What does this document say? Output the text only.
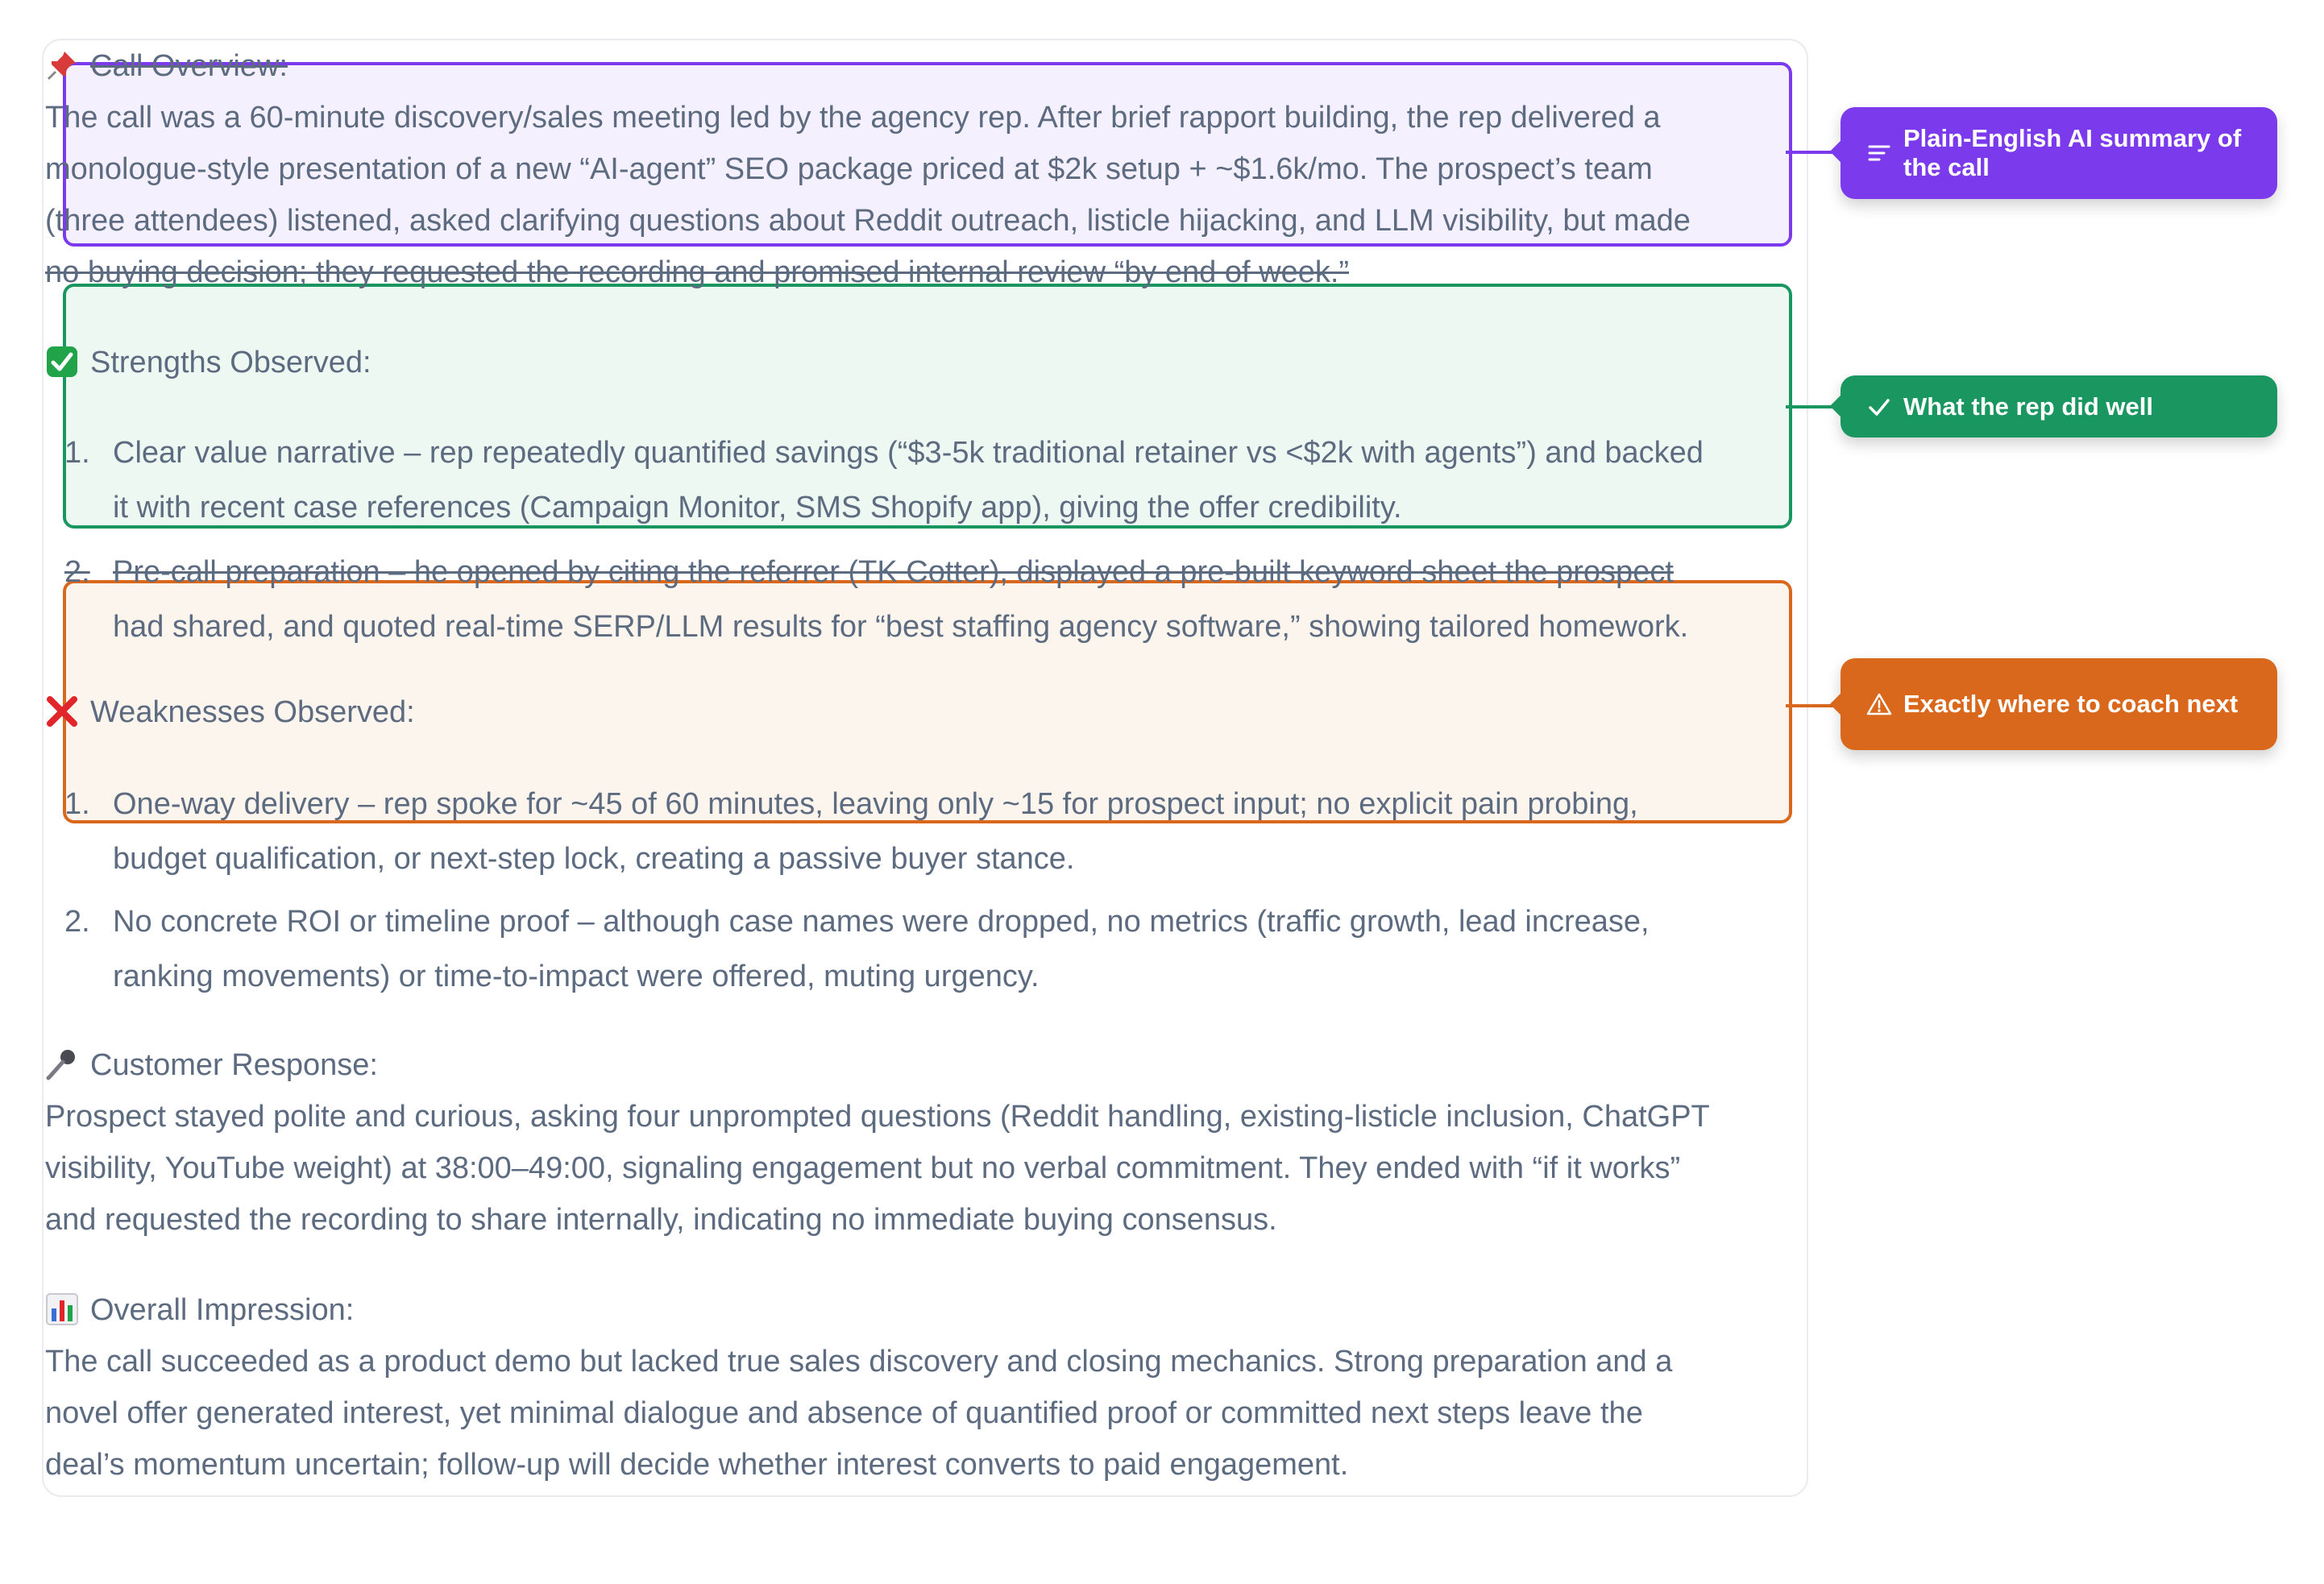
Call Overview:
The call was a 60-minute discovery/sales meeting led by the agency rep. After brief rapport building, the rep delivered a
monologue-style presentation of a new “AI-agent” SEO package priced at $2k setup + ~$1.6k/mo. The prospect’s team
(three attendees) listened, asked clarifying questions about Reddit outreach, listicle hijacking, and LLM visibility, but made
no buying decision; they requested the recording and promised internal review “by end of week.”
Strengths Observed:
1. Clear value narrative – rep repeatedly quantified savings (“$3-5k traditional retainer vs <$2k with agents”) and backed
it with recent case references (Campaign Monitor, SMS Shopify app), giving the offer credibility.
2. Pre-call preparation – he opened by citing the referrer (TK Cotter), displayed a pre-built keyword sheet the prospect
had shared, and quoted real-time SERP/LLM results for “best staffing agency software,” showing tailored homework.
Weaknesses Observed:
1. One-way delivery – rep spoke for ~45 of 60 minutes, leaving only ~15 for prospect input; no explicit pain probing,
budget qualification, or next-step lock, creating a passive buyer stance.
2. No concrete ROI or timeline proof – although case names were dropped, no metrics (traffic growth, lead increase,
ranking movements) or time-to-impact were offered, muting urgency.
Customer Response:
Prospect stayed polite and curious, asking four unprompted questions (Reddit handling, existing-listicle inclusion, ChatGPT
visibility, YouTube weight) at 38:00–49:00, signaling engagement but no verbal commitment. They ended with “if it works”
and requested the recording to share internally, indicating no immediate buying consensus.
Overall Impression:
The call succeeded as a product demo but lacked true sales discovery and closing mechanics. Strong preparation and a
novel offer generated interest, yet minimal dialogue and absence of quantified proof or committed next steps leave the
deal’s momentum uncertain; follow-up will decide whether interest converts to paid engagement.
Plain-English AI summary of the call
What the rep did well
Exactly where to coach next
